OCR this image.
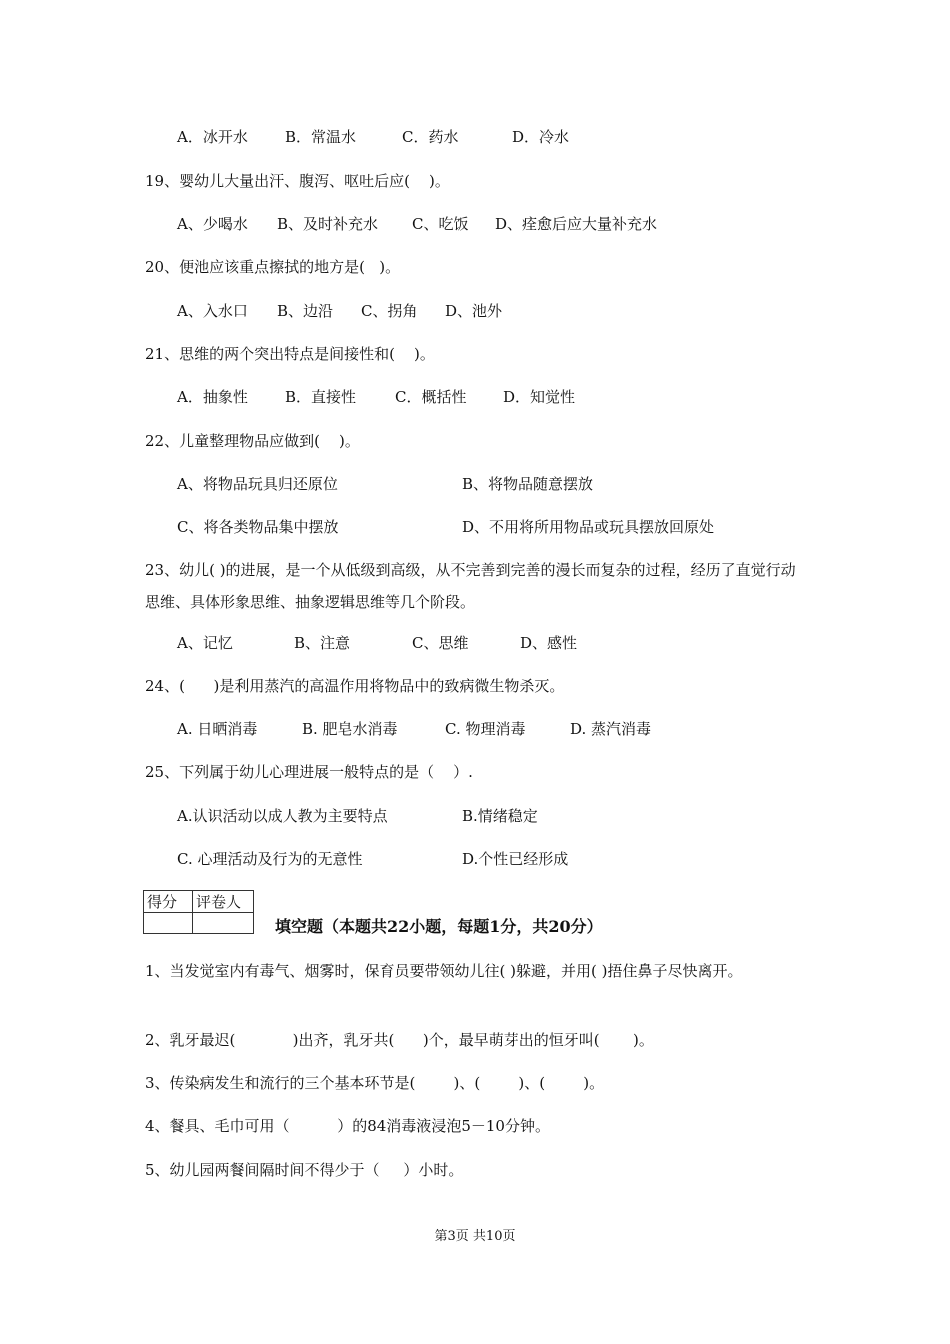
A．冰开水

B．常温水

	C．药水

	D．冷水

19、婴幼儿大量出汗、腹泻、呕吐后应(    )。

A、少喝水

B、及时补充水

C、吃饭

D、痊愈后应大量补充水

20、便池应该重点擦拭的地方是(   )。

A、入水口

B、边沿

C、拐角

D、池外

21、思维的两个突出特点是间接性和(    )。

A．抽象性

B．直接性

	C．概括性

D．知觉性

22、儿童整理物品应做到(    )。

A、将物品玩具归还原位

	B、将物品随意摆放

C、将各类物品集中摆放

	D、不用将所用物品或玩具摆放回原处

23、幼儿( )的进展，是一个从低级到高级，从不完善到完善的漫长而复杂的过程，经历了直觉行动思维、具体形象思维、抽象逻辑思维等几个阶段。

A、记忆

	B、注意

	C、思维

	D、感性

24、(      )是利用蒸汽的高温作用将物品中的致病微生物杀灭。

A. 日晒消毒

	B. 肥皂水消毒

	C. 物理消毒

	D. 蒸汽消毒

25、下列属于幼儿心理进展一般特点的是（    ）.

A.认识活动以成人教为主要特点

	B.情绪稳定

C. 心理活动及行为的无意性

	D.个性已经形成

得分	评卷人

填空题（本题共22小题，每题1分，共20分）
1、当发觉室内有毒气、烟雾时，保育员要带领幼儿往( )躲避，并用( )捂住鼻子尽快离开。
2、乳牙最迟(            )出齐，乳牙共(      )个，最早萌芽出的恒牙叫(       )。
3、传染病发生和流行的三个基本环节是(        )、(        )、(        )。
4、餐具、毛巾可用（          ）的84消毒液浸泡5－10分钟。
5、幼儿园两餐间隔时间不得少于（     ）小时。
第3页 共10页
